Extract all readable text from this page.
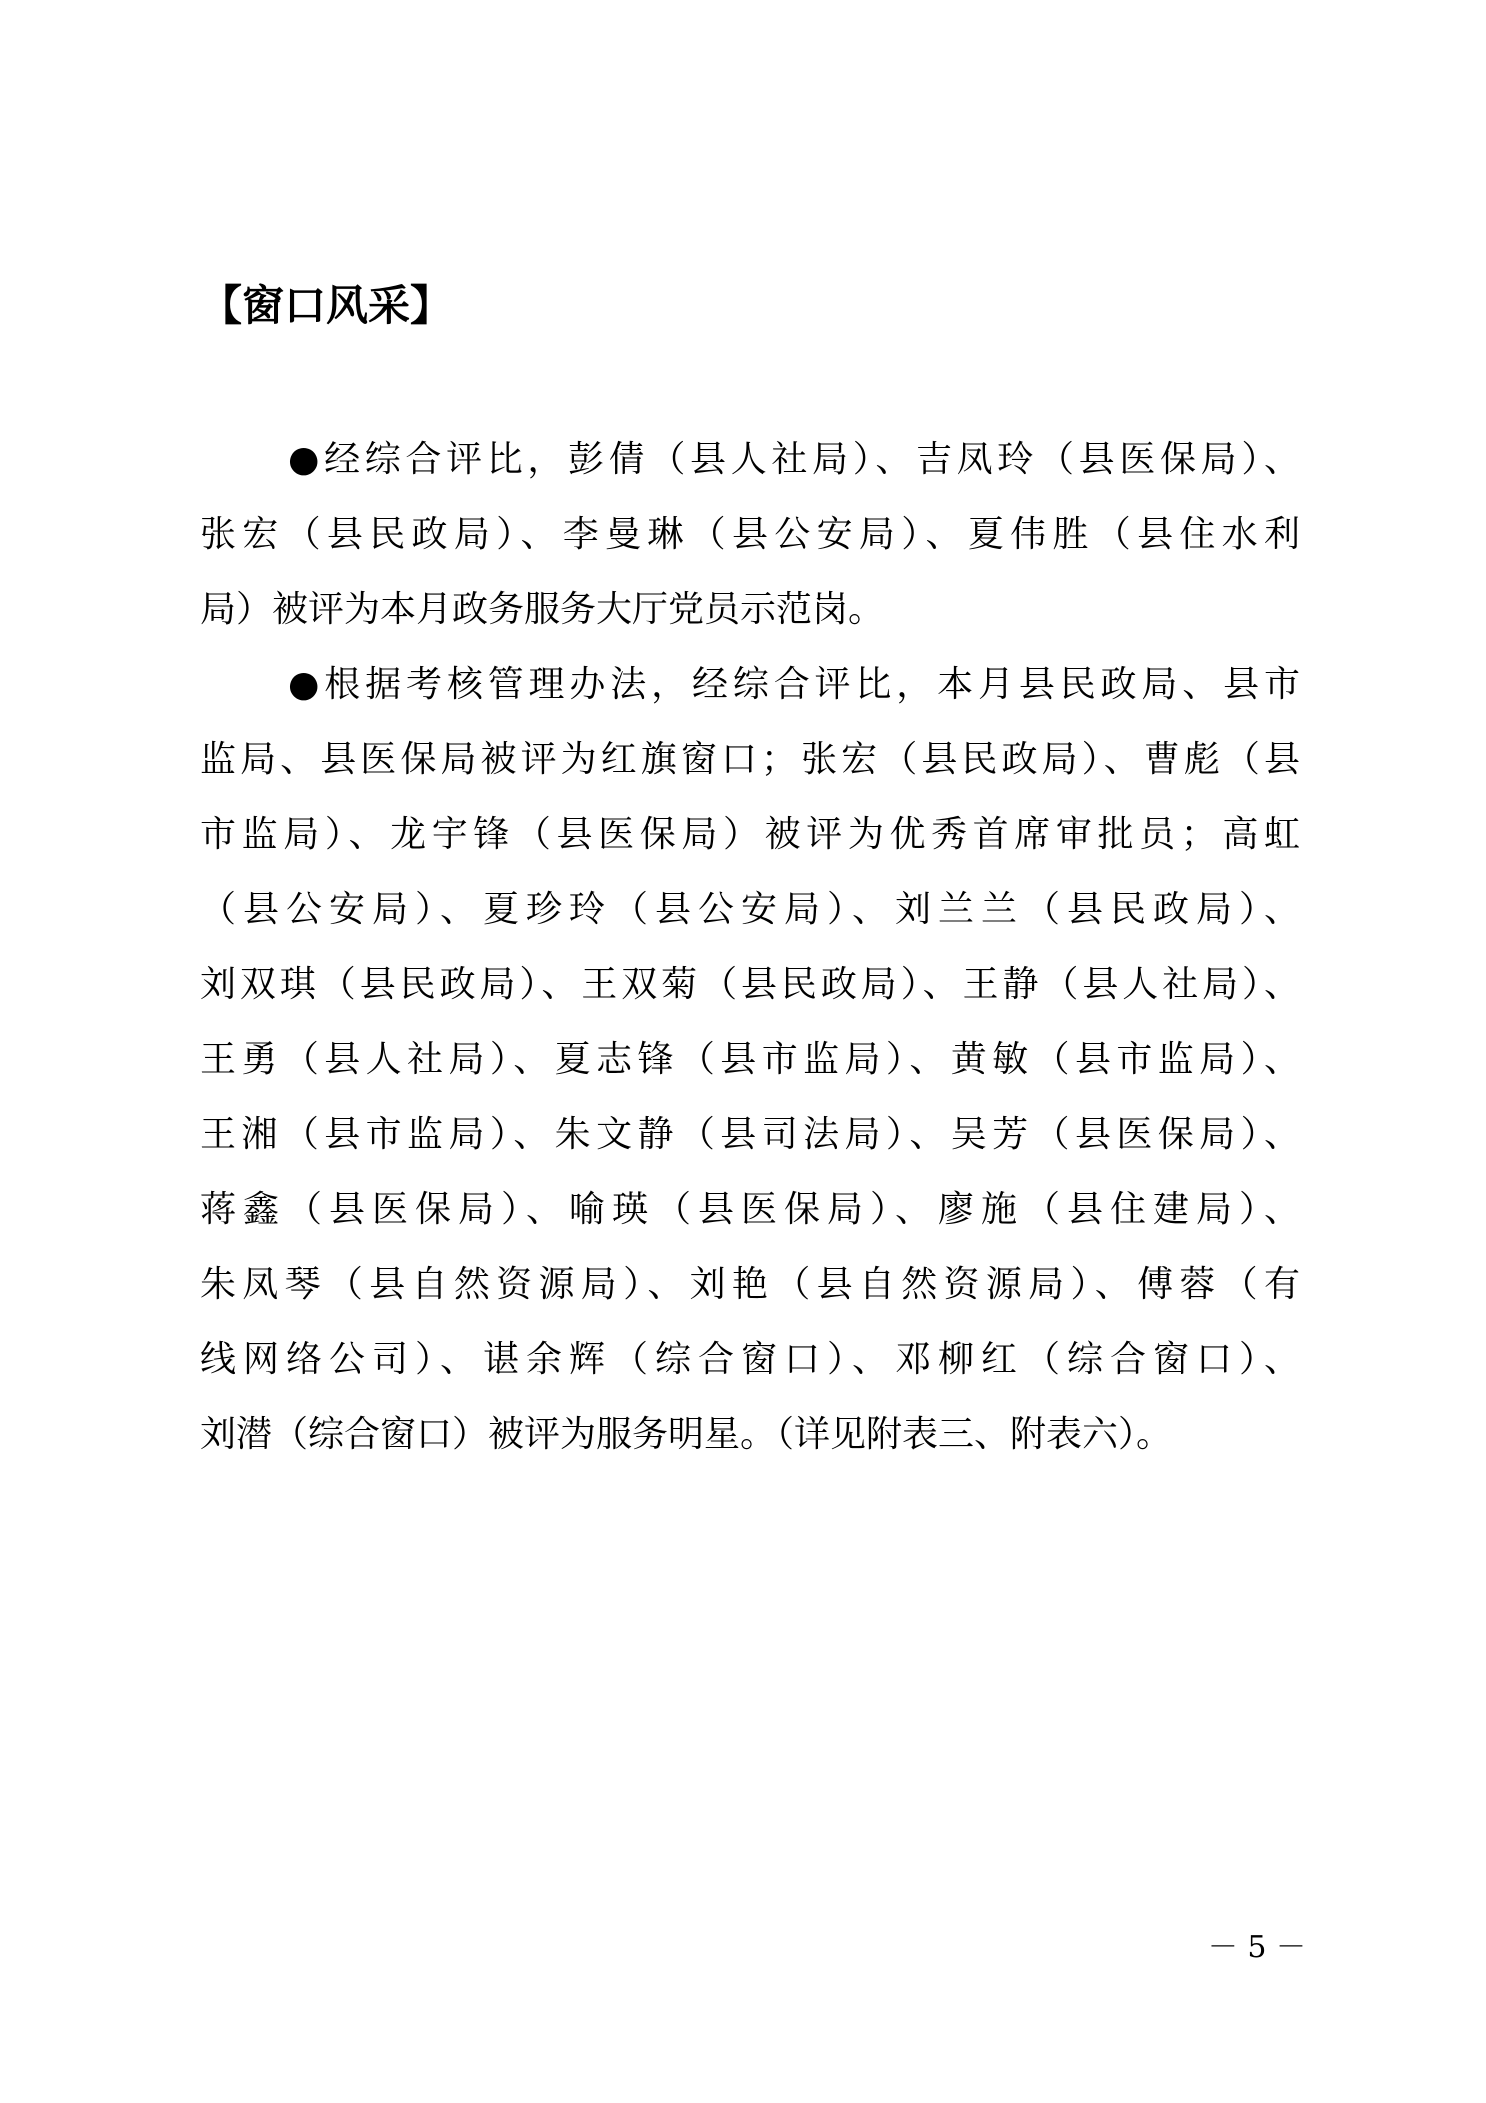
【窗口风采】
●经综合评比，彭倩（县人社局）、吉凤玲（县医保局）、
张宏（县民政局）、李曼琳（县公安局）、夏伟胜（县住水利
局）被评为本月政务服务大厅党员示范岗。
●根据考核管理办法，经综合评比，本月县民政局、县市
监局、县医保局被评为红旗窗口；张宏（县民政局）、曹彪（县
市监局）、龙宇锋（县医保局）被评为优秀首席审批员；高虹
（县公安局）、夏珍玲（县公安局）、刘兰兰（县民政局）、
刘双琪（县民政局）、王双菊（县民政局）、王静（县人社局）、
王勇（县人社局）、夏志锋（县市监局）、黄敏（县市监局）、
王湘（县市监局）、朱文静（县司法局）、吴芳（县医保局）、
蒋鑫（县医保局）、喻瑛（县医保局）、廖施（县住建局）、
朱凤琴（县自然资源局）、刘艳（县自然资源局）、傅蓉（有
线网络公司）、谌余辉（综合窗口）、邓柳红（综合窗口）、
刘潜（综合窗口）被评为服务明星。（详见附表三、附表六）。
－ 5 －
